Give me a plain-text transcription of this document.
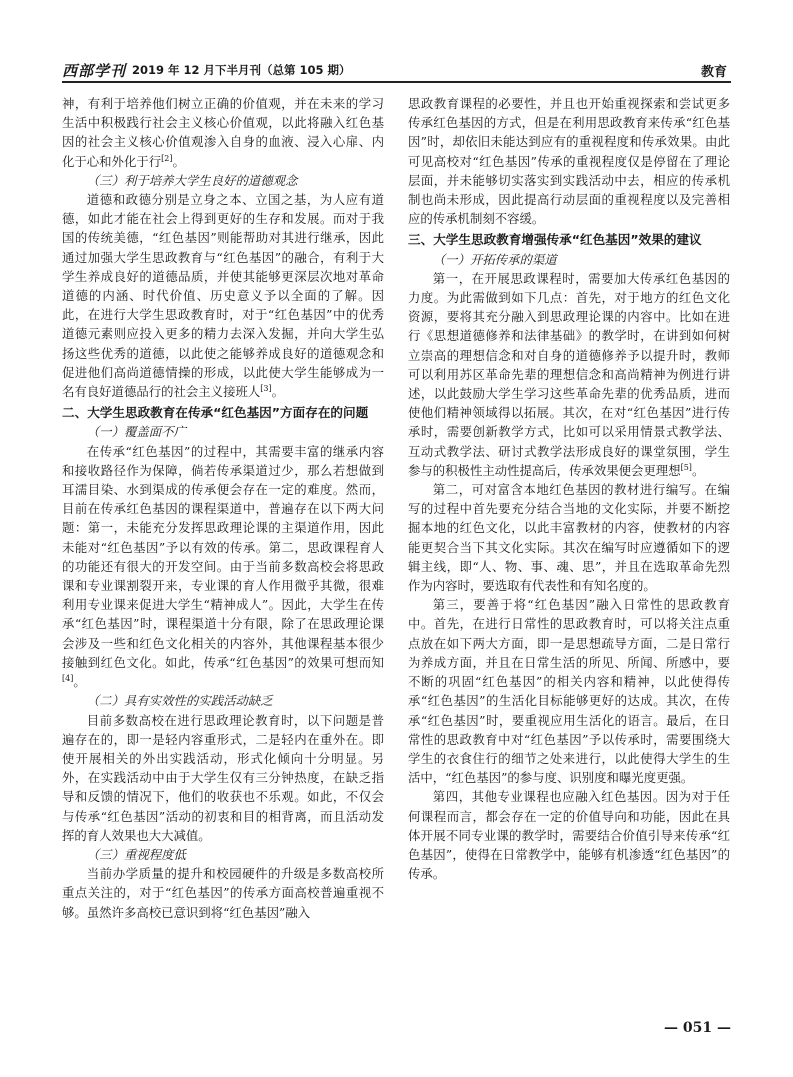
西部学刊 2019 年 12 月下半月刊（总第 105 期）	教育

神，有利于培养他们树立正确的价值观，并在未来的学习生活中积极践行社会主义核心价值观，以此将融入红色基因的社会主义核心价值观渗入自身的血液、浸入心扉、内化于心和外化于行[2]。

（三）利于培养大学生良好的道德观念

道德和政德分别是立身之本、立国之基，为人应有道德，如此才能在社会上得到更好的生存和发展。而对于我国的传统美德，“红色基因”则能帮助对其进行继承，因此通过加强大学生思政教育与“红色基因”的融合，有利于大学生养成良好的道德品质，并使其能够更深层次地对革命道德的内涵、时代价值、历史意义予以全面的了解。因此，在进行大学生思政教育时，对于“红色基因”中的优秀道德元素则应投入更多的精力去深入发掘，并向大学生弘扬这些优秀的道德，以此使之能够养成良好的道德观念和促进他们高尚道德情操的形成，以此使大学生能够成为一名有良好道德品行的社会主义接班人[3]。

二、大学生思政教育在传承“红色基因”方面存在的问题
（一）覆盖面不广

在传承“红色基因”的过程中，其需要丰富的继承内容和接收路径作为保障，倘若传承渠道过少，那么若想做到耳濡目染、水到渠成的传承便会存在一定的难度。然而，目前在传承红色基因的课程渠道中，普遍存在以下两大问题：第一，未能充分发挥思政理论课的主渠道作用，因此未能对“红色基因”予以有效的传承。第二，思政课程育人的功能还有很大的开发空间。由于当前多数高校会将思政课和专业课割裂开来，专业课的育人作用微乎其微，很难利用专业课来促进大学生“精神成人”。因此，大学生在传承“红色基因”时，课程渠道十分有限，除了在思政理论课会涉及一些和红色文化相关的内容外，其他课程基本很少接触到红色文化。如此，传承“红色基因”的效果可想而知[4]。

（二）具有实效性的实践活动缺乏

目前多数高校在进行思政理论教育时，以下问题是普遍存在的，即一是轻内容重形式，二是轻内在重外在。即使开展相关的外出实践活动，形式化倾向十分明显。另外，在实践活动中由于大学生仅有三分钟热度，在缺乏指导和反馈的情况下，他们的收获也不乐观。如此，不仅会与传承“红色基因”活动的初衷和目的相背离，而且活动发挥的育人效果也大大减值。

（三）重视程度低

当前办学质量的提升和校园硬件的升级是多数高校所重点关注的，对于“红色基因”的传承方面高校普遍重视不够。虽然许多高校已意识到将“红色基因”融入

思政教育课程的必要性，并且也开始重视探索和尝试更多传承红色基因的方式，但是在利用思政教育来传承“红色基因”时，却依旧未能达到应有的重视程度和传承效果。由此可见高校对“红色基因”传承的重视程度仅是停留在了理论层面，并未能够切实落实到实践活动中去，相应的传承机制也尚未形成，因此提高行动层面的重视程度以及完善相应的传承机制刻不容缓。

三、大学生思政教育增强传承“红色基因”效果的建议
（一）开拓传承的渠道

第一，在开展思政课程时，需要加大传承红色基因的力度。为此需做到如下几点：首先，对于地方的红色文化资源，要将其充分融入到思政理论课的内容中。比如在进行《思想道德修养和法律基础》的教学时，在讲到如何树立崇高的理想信念和对自身的道德修养予以提升时，教师可以利用苏区革命先辈的理想信念和高尚精神为例进行讲述，以此鼓励大学生学习这些革命先辈的优秀品质，进而使他们精神领域得以拓展。其次，在对“红色基因”进行传承时，需要创新教学方式，比如可以采用情景式教学法、互动式教学法、研讨式教学法形成良好的课堂氛围，学生参与的积极性主动性提高后，传承效果便会更理想[5]。

第二，可对富含本地红色基因的教材进行编写。在编写的过程中首先要充分结合当地的文化实际，并要不断挖掘本地的红色文化，以此丰富教材的内容，使教材的内容能更契合当下其文化实际。其次在编写时应遵循如下的逻辑主线，即“人、物、事、魂、思”，并且在选取革命先烈作为内容时，要选取有代表性和有知名度的。

第三，要善于将“红色基因”融入日常性的思政教育中。首先，在进行日常性的思政教育时，可以将关注点重点放在如下两大方面，即一是思想疏导方面，二是日常行为养成方面，并且在日常生活的所见、所闻、所感中，要不断的巩固“红色基因”的相关内容和精神，以此使得传承“红色基因”的生活化目标能够更好的达成。其次，在传承“红色基因”时，要重视应用生活化的语言。最后，在日常性的思政教育中对“红色基因”予以传承时，需要围绕大学生的衣食住行的细节之处来进行，以此使得大学生的生活中，“红色基因”的参与度、识别度和曝光度更强。

第四，其他专业课程也应融入红色基因。因为对于任何课程而言，都会存在一定的价值导向和功能，因此在具体开展不同专业课的教学时，需要结合价值引导来传承“红色基因”，使得在日常教学中，能够有机渗透“红色基因”的传承。

— 051 —
